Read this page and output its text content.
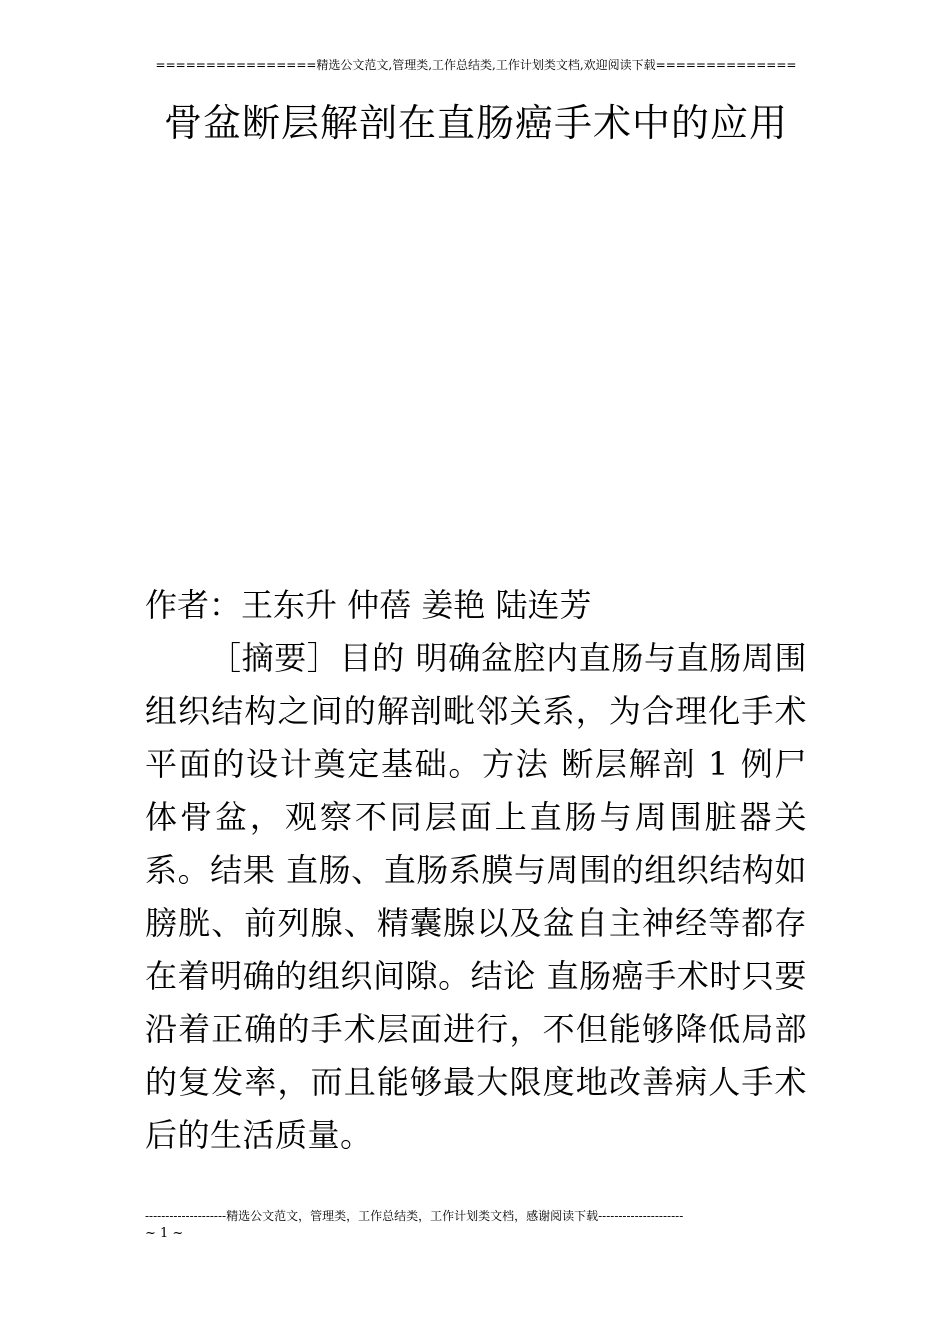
================精选公文范文,管理类,工作总结类,工作计划类文档,欢迎阅读下载==============
骨盆断层解剖在直肠癌手术中的应用
作者：王东升 仲蓓 姜艳 陆连芳
［摘要］目的 明确盆腔内直肠与直肠周围组织结构之间的解剖毗邻关系，为合理化手术平面的设计奠定基础。方法 断层解剖 1 例尸体骨盆，观察不同层面上直肠与周围脏器关系。结果 直肠、直肠系膜与周围的组织结构如膀胱、前列腺、精囊腺以及盆自主神经等都存在着明确的组织间隙。结论 直肠癌手术时只要沿着正确的手术层面进行，不但能够降低局部的复发率，而且能够最大限度地改善病人手术后的生活质量。
--------------------精选公文范文，管理类，工作总结类，工作计划类文档，感谢阅读下载---------------------
~ 1 ~
